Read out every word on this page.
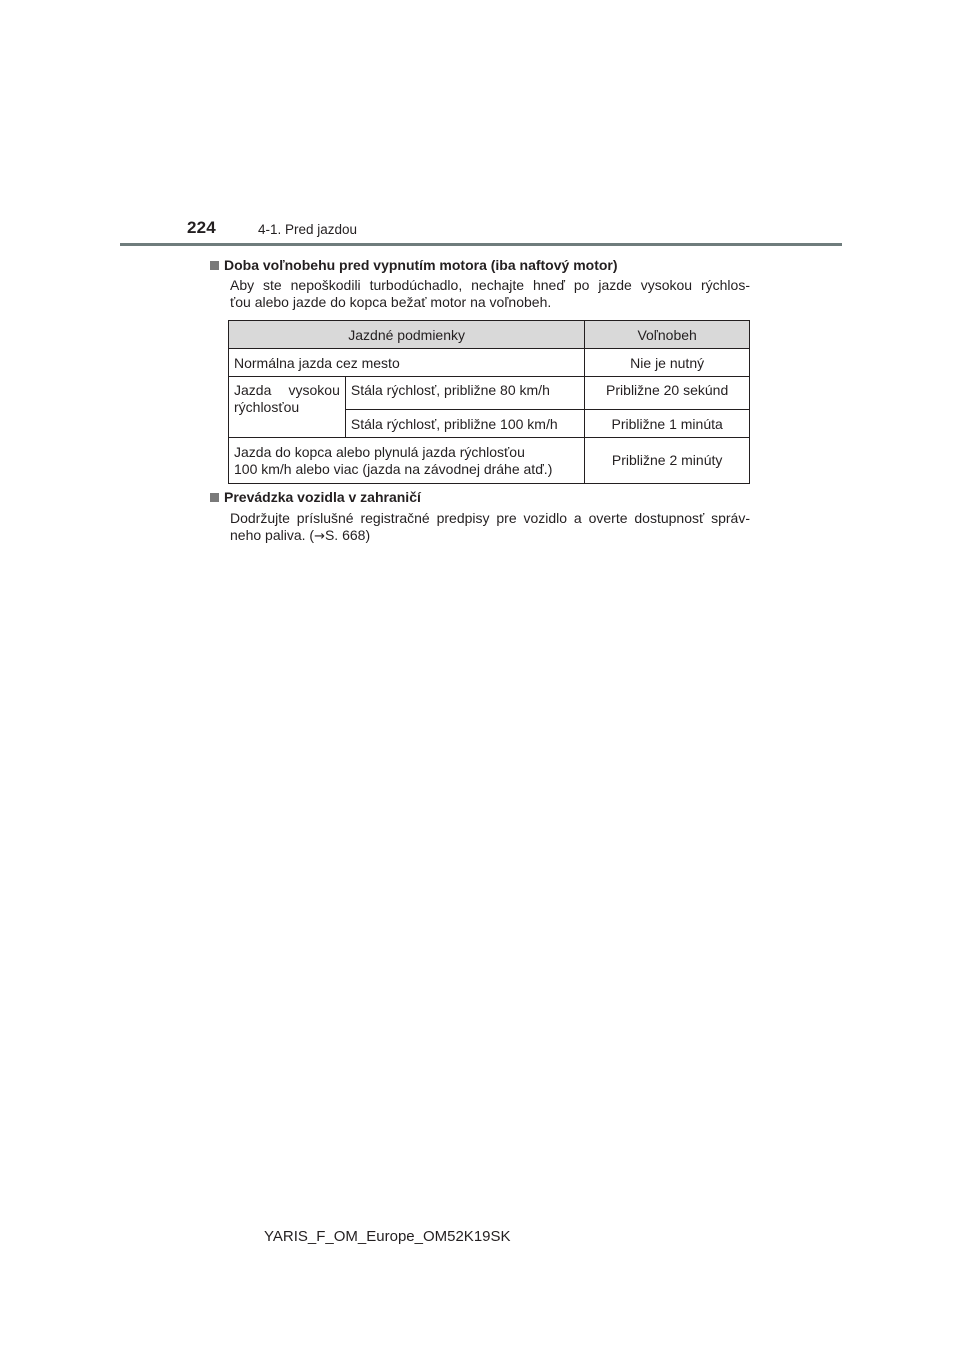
224	4-1. Pred jazdou
Doba voľnobehu pred vypnutím motora (iba naftový motor)
Aby ste nepoškodili turbodúchadlo, nechajte hneď po jazde vysokou rýchlos-
ťou alebo jazde do kopca bežať motor na voľnobeh.
Jazdné podmienky		Voľnobeh
Normálna jazda cez mesto		Nie je nutný
Jazda vysokou rýchlosťou	Stála rýchlosť, približne 80 km/h	Približne 20 sekúnd
	Stála rýchlosť, približne 100 km/h	Približne 1 minúta

Jazda do kopca alebo plynulá jazda rýchlosťou
100 km/h alebo viac (jazda na závodnej dráhe atď.)		Približne 2 minúty
Prevádzka vozidla v zahraničí
Dodržujte príslušné registračné predpisy pre vozidlo a overte dostupnosť správ-
neho paliva. (→S. 668)
YARIS_F_OM_Europe_OM52K19SK
